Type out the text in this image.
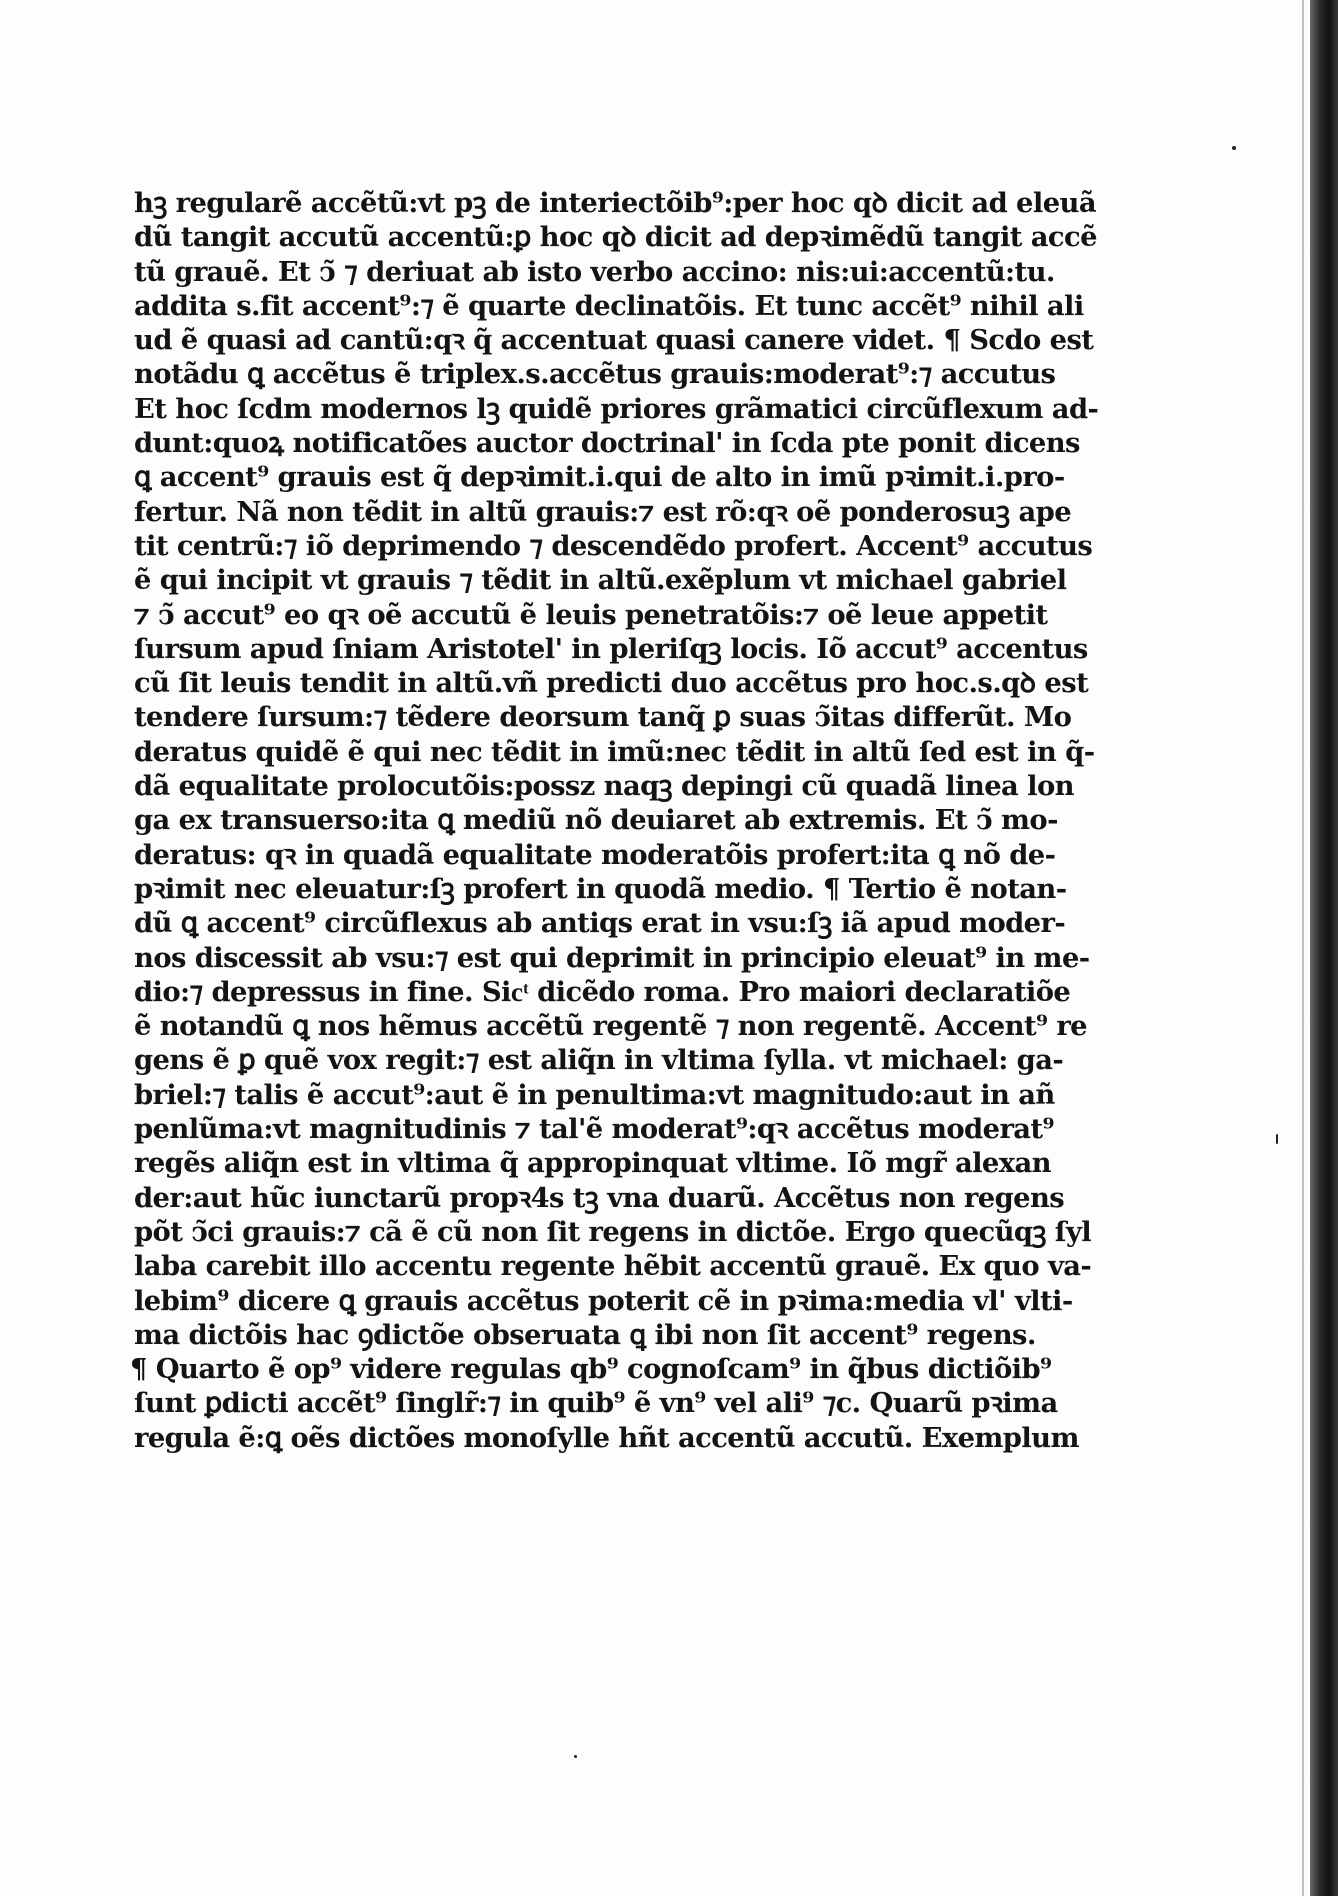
hꝫ regularẽ accẽtũ:vt pꝫ de interiectõib⁹:per hoc qꝺ dicit ad eleuã
dũ tangit accutũ accentũ:ꝑ hoc qꝺ dicit ad depꝛimẽdũ tangit accẽ
tũ grauẽ. Et ↄ̃ ⁊ deriuat ab isto verbo accino: nis:ui:accentũ:tu.
addita s.fit accent⁹:⁊ ẽ quarte declinatõis. Et tunc accẽt⁹ nihil ali
ud ẽ quasi ad cantũ:qꝛ q̃ accentuat quasi canere videt. ¶ Scdo est
notãdu ꝗ accẽtus ẽ triplex.s.accẽtus grauis:moderat⁹:⁊ accutus
Et hoc ſcdm modernos lꝫ quidẽ priores grãmatici circũflexum ad-
dunt:quoꝝ notificatões auctor doctrinal' in ſcda pte ponit dicens
ꝗ accent⁹ grauis est q̃ depꝛimit.i.qui de alto in imũ pꝛimit.i.pro-
fertur. Nã non tẽdit in altũ grauis:⁊ est rõ:qꝛ oẽ ponderosuꝫ ape
tit centrũ:⁊ iõ deprimendo ⁊ descendẽdo profert. Accent⁹ accutus
ẽ qui incipit vt grauis ⁊ tẽdit in altũ.exẽplum vt michael gabriel
⁊ ↄ̃ accut⁹ eo qꝛ oẽ accutũ ẽ leuis penetratõis:⁊ oẽ leue appetit
ſursum apud ſniam Aristotel' in pleriſqꝫ locis. Iõ accut⁹ accentus
cũ ſit leuis tendit in altũ.vñ predicti duo accẽtus pro hoc.s.qꝺ est
tendere ſursum:⁊ tẽdere deorsum tanq̃ ꝑ suas ↄ̃itas differũt. Mo
deratus quidẽ ẽ qui nec tẽdit in imũ:nec tẽdit in altũ ſed est in q̃-
dã equalitate prolocutõis:possz naqꝫ depingi cũ quadã linea lon
ga ex transuerso:ita ꝗ mediũ nõ deuiaret ab extremis. Et ↄ̃ mo-
deratus: qꝛ in quadã equalitate moderatõis profert:ita ꝗ nõ de-
pꝛimit nec eleuatur:ſꝫ profert in quodã medio. ¶ Tertio ẽ notan-
dũ ꝗ accent⁹ circũflexus ab antiqs erat in vsu:ſꝫ iã apud moder-
nos discessit ab vsu:⁊ est qui deprimit in principio eleuat⁹ in me-
dio:⁊ depressus in fine. Sicͭ dicẽdo roma. Pro maiori declaratiõe
ẽ notandũ ꝗ nos hẽmus accẽtũ regentẽ ⁊ non regentẽ. Accent⁹ re
gens ẽ ꝑ quẽ vox regit:⁊ est aliq̃n in vltima ſylla. vt michael: ga-
briel:⁊ talis ẽ accut⁹:aut ẽ in penultima:vt magnitudo:aut in añ
penlũma:vt magnitudinis ⁊ tal'ẽ moderat⁹:qꝛ accẽtus moderat⁹
regẽs aliq̃n est in vltima q̃ appropinquat vltime. Iõ mgr̃ alexan
der:aut hũc iunctarũ propꝛ4s tꝫ vna duarũ. Accẽtus non regens
põt ↄ̃ci grauis:⁊ cã ẽ cũ non ſit regens in dictõe. Ergo quecũqꝫ ſyl
laba carebit illo accentu regente hẽbit accentũ grauẽ. Ex quo va-
lebim⁹ dicere ꝗ grauis accẽtus poterit cẽ in pꝛima:media vl' vlti-
ma dictõis hac ꝯdictõe obseruata ꝗ ibi non ſit accent⁹ regens.
¶ Quarto ẽ op⁹ videre regulas qb⁹ cognoſcam⁹ in q̃bus dictiõib⁹
ſunt ꝑdicti accẽt⁹ ſinglr̃:⁊ in quib⁹ ẽ vn⁹ vel ali⁹ ⁊c. Quarũ pꝛima
regula ẽ:ꝗ oẽs dictões monoſylle hñt accentũ accutũ. Exemplum
